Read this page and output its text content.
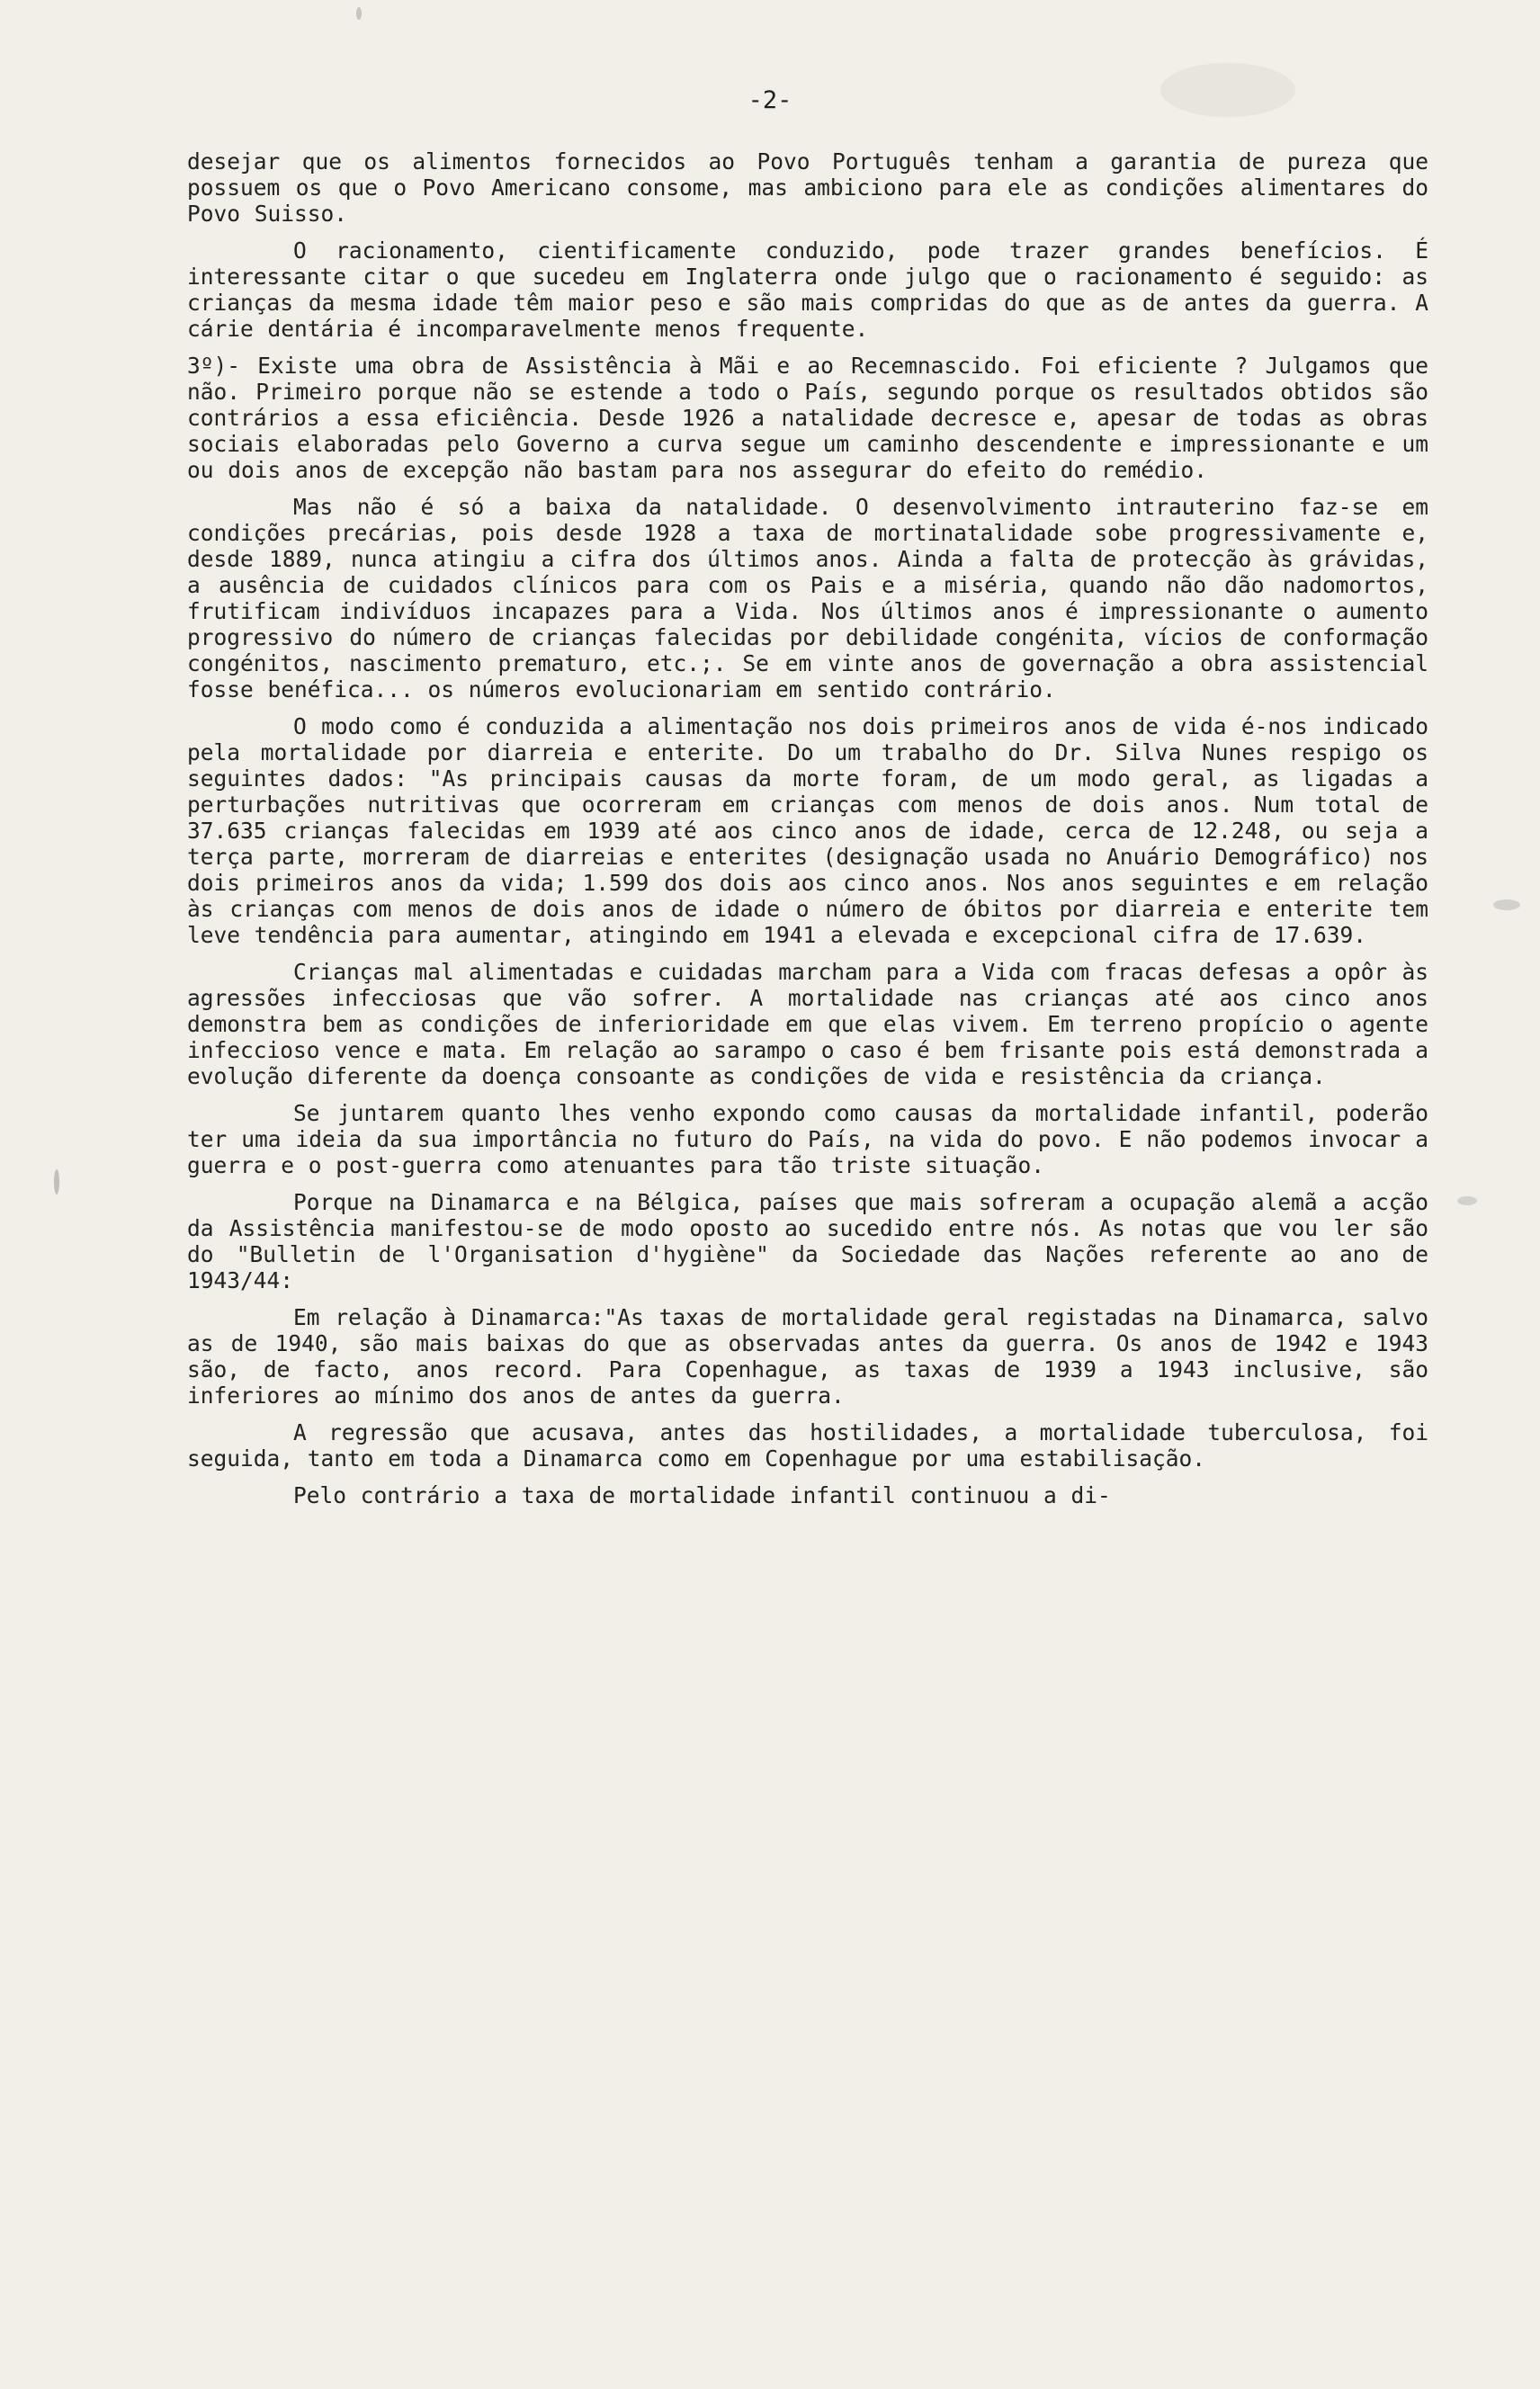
-2-

desejar que os alimentos fornecidos ao Povo Português tenham a garantia de pureza que possuem os que o Povo Americano consome, mas ambiciono para ele as condições alimentares do Povo Suisso.

O racionamento, cientificamente conduzido, pode trazer grandes benefícios. É interessante citar o que sucedeu em Inglaterra onde julgo que o racionamento é seguido: as crianças da mesma idade têm maior peso e são mais compridas do que as de antes da guerra. A cárie dentária é incomparavelmente menos frequente.

3º)- Existe uma obra de Assistência à Mãi e ao Recemnascido. Foi eficiente ? Julgamos que não. Primeiro porque não se estende a todo o País, segundo porque os resultados obtidos são contrários a essa eficiência. Desde 1926 a natalidade decresce e, apesar de todas as obras sociais elaboradas pelo Governo a curva segue um caminho descendente e impressionante e um ou dois anos de excepção não bastam para nos assegurar do efeito do remédio.

Mas não é só a baixa da natalidade. O desenvolvimento intrauterino faz-se em condições precárias, pois desde 1928 a taxa de mortinatalidade sobe progressivamente e, desde 1889, nunca atingiu a cifra dos últimos anos. Ainda a falta de protecção às grávidas, a ausência de cuidados clínicos para com os Pais e a miséria, quando não dão nadomortos, frutificam indivíduos incapazes para a Vida. Nos últimos anos é impressionante o aumento progressivo do número de crianças falecidas por debilidade congénita, vícios de conformação congénitos, nascimento prematuro, etc.;. Se em vinte anos de governação a obra assistencial fosse benéfica... os números evolucionariam em sentido contrário.

O modo como é conduzida a alimentação nos dois primeiros anos de vida é-nos indicado pela mortalidade por diarreia e enterite. Do um trabalho do Dr. Silva Nunes respigo os seguintes dados: "As principais causas da morte foram, de um modo geral, as ligadas a perturbações nutritivas que ocorreram em crianças com menos de dois anos. Num total de 37.635 crianças falecidas em 1939 até aos cinco anos de idade, cerca de 12.248, ou seja a terça parte, morreram de diarreias e enterites (designação usada no Anuário Demográfico) nos dois primeiros anos da vida; 1.599 dos dois aos cinco anos. Nos anos seguintes e em relação às crianças com menos de dois anos de idade o número de óbitos por diarreia e enterite tem leve tendência para aumentar, atingindo em 1941 a elevada e excepcional cifra de 17.639.

Crianças mal alimentadas e cuidadas marcham para a Vida com fracas defesas a opôr às agressões infecciosas que vão sofrer. A mortalidade nas crianças até aos cinco anos demonstra bem as condições de inferioridade em que elas vivem. Em terreno propício o agente infeccioso vence e mata. Em relação ao sarampo o caso é bem frisante pois está demonstrada a evolução diferente da doença consoante as condições de vida e resistência da criança.

Se juntarem quanto lhes venho expondo como causas da mortalidade infantil, poderão ter uma ideia da sua importância no futuro do País, na vida do povo. E não podemos invocar a guerra e o post-guerra como atenuantes para tão triste situação.

Porque na Dinamarca e na Bélgica, países que mais sofreram a ocupação alemã a acção da Assistência manifestou-se de modo oposto ao sucedido entre nós. As notas que vou ler são do "Bulletin de l'Organisation d'hygiène" da Sociedade das Nações referente ao ano de 1943/44:

Em relação à Dinamarca:"As taxas de mortalidade geral registadas na Dinamarca, salvo as de 1940, são mais baixas do que as observadas antes da guerra. Os anos de 1942 e 1943 são, de facto, anos record. Para Copenhague, as taxas de 1939 a 1943 inclusive, são inferiores ao mínimo dos anos de antes da guerra.

A regressão que acusava, antes das hostilidades, a mortalidade tuberculosa, foi seguida, tanto em toda a Dinamarca como em Copenhague por uma estabilisação.

Pelo contrário a taxa de mortalidade infantil continuou a di-
